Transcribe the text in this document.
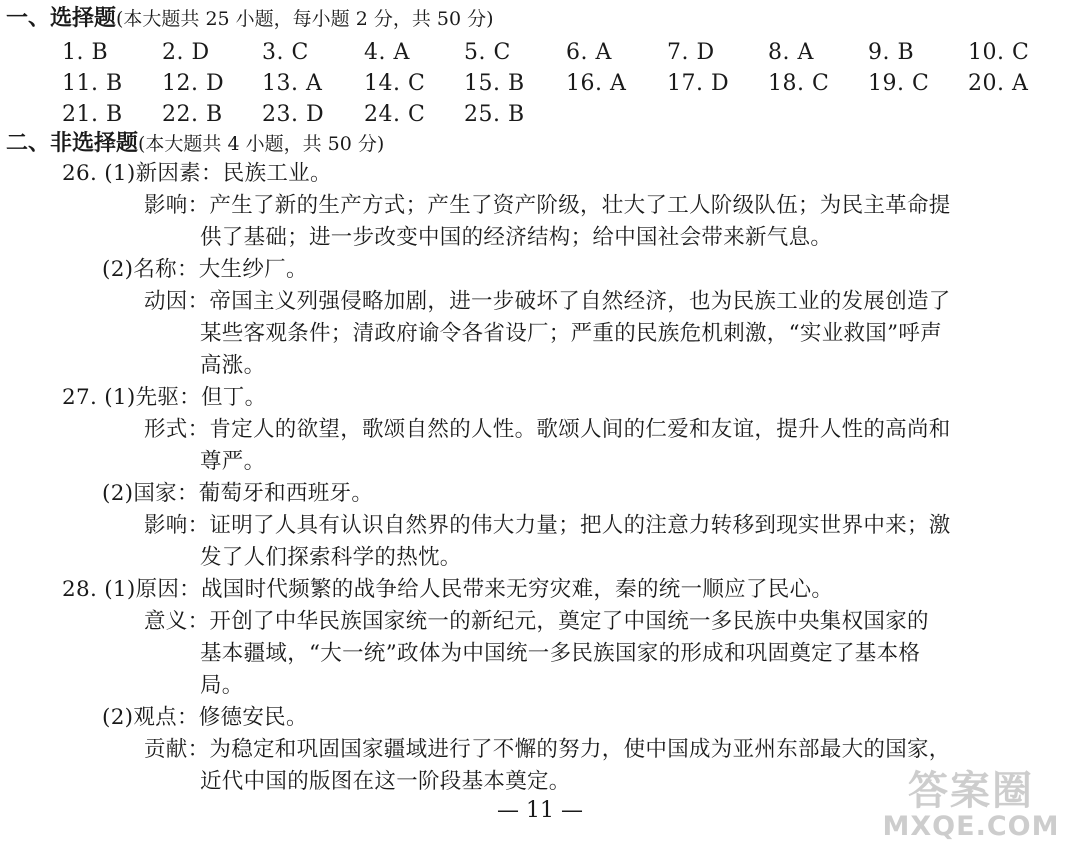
一、选择题(本大题共 25 小题，每小题 2 分，共 50 分)
1. B 2. D 3. C	4. A 5. C	6. A	7. D 8. A 9. B 10. C
11. B 12. D 13. A 14. C 15. B 16. A 17. D 18. C 19. C 20. A
21. B 22. B 23. D 24. C 25. B
二、非选择题(本大题共 4 小题，共 50 分)
26. (1)新因素：民族工业。
影响：产生了新的生产方式；产生了资产阶级，壮大了工人阶级队伍；为民主革命提
供了基础；进一步改变中国的经济结构；给中国社会带来新气息。
(2)名称：大生纱厂。
动因：帝国主义列强侵略加剧，进一步破坏了自然经济，也为民族工业的发展创造了
某些客观条件；清政府谕令各省设厂；严重的民族危机刺激，“实业救国”呼声
高涨。
27. (1)先驱：但丁。
形式：肯定人的欲望，歌颂自然的人性。歌颂人间的仁爱和友谊，提升人性的高尚和
尊严。
(2)国家：葡萄牙和西班牙。
影响：证明了人具有认识自然界的伟大力量；把人的注意力转移到现实世界中来；激
发了人们探索科学的热忱。
28. (1)原因：战国时代频繁的战争给人民带来无穷灾难，秦的统一顺应了民心。
意义：开创了中华民族国家统一的新纪元，奠定了中国统一多民族中央集权国家的
基本疆域，“大一统”政体为中国统一多民族国家的形成和巩固奠定了基本格
局。
(2)观点：修德安民。
贡献：为稳定和巩固国家疆域进行了不懈的努力，使中国成为亚州东部最大的国家，
近代中国的版图在这一阶段基本奠定。
— 11 —	答案圈
MXQE.COM
